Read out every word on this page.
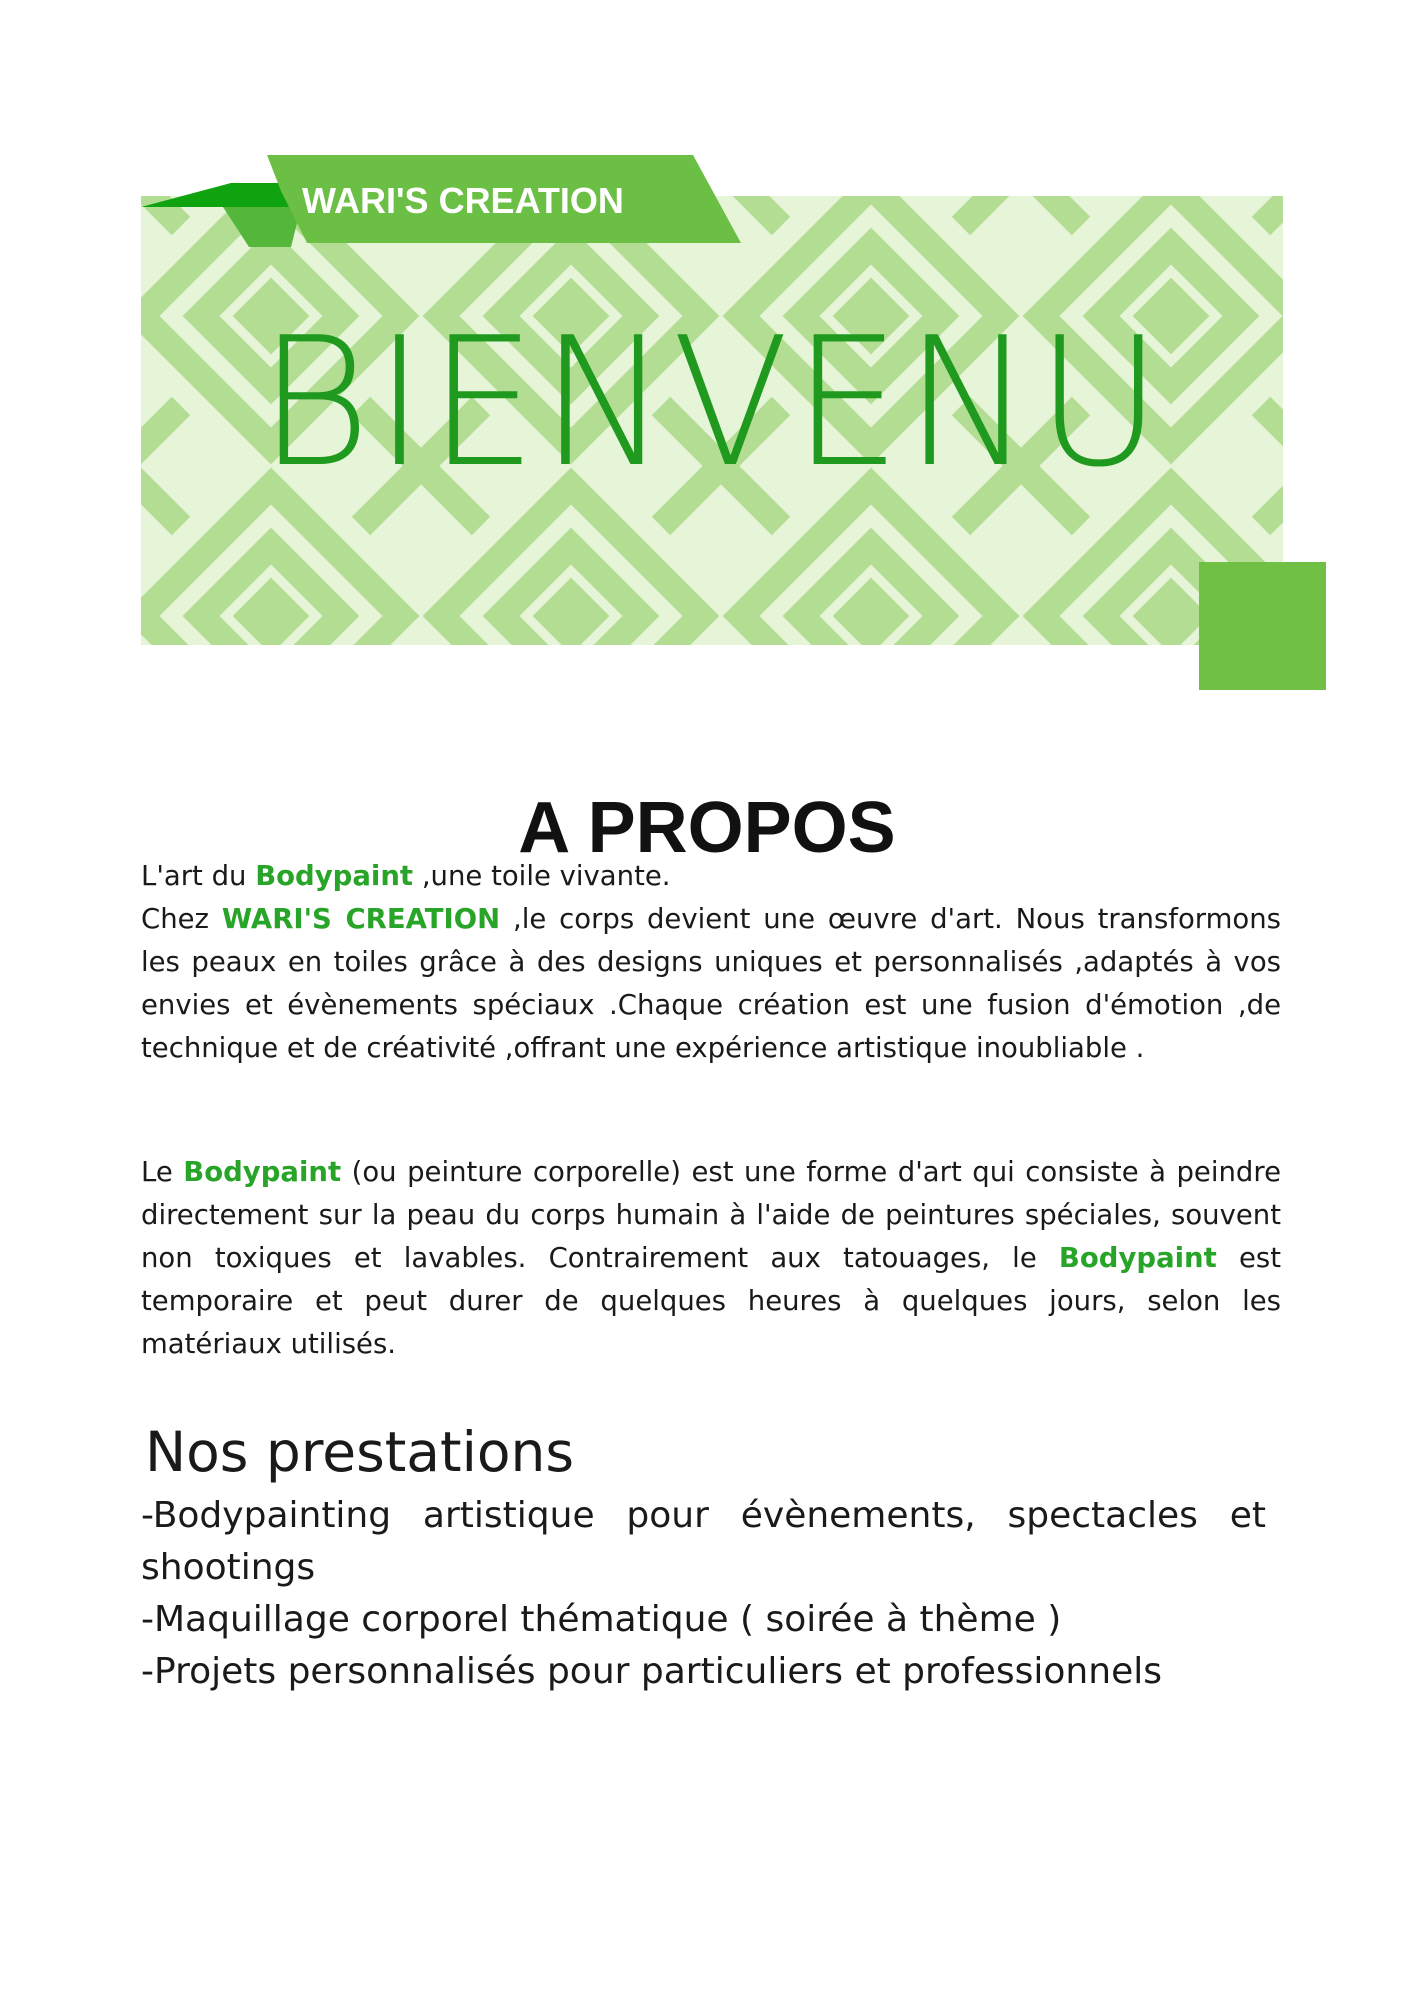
BIENVENU
WARI'S CREATION
A PROPOS

L'art du Bodypaint ,une toile vivante.
Chez WARI'S CREATION ,le corps devient une œuvre d'art. Nous transformons les peaux en toiles grâce à des designs uniques et personnalisés ,adaptés à vos envies et évènements spéciaux .Chaque création est une fusion d'émotion ,de technique et de créativité ,offrant une expérience artistique inoubliable .

Le Bodypaint (ou peinture corporelle) est une forme d'art qui consiste à peindre directement sur la peau du corps humain à l'aide de peintures spéciales, souvent non toxiques et lavables. Contrairement aux tatouages, le Bodypaint est temporaire et peut durer de quelques heures à quelques jours, selon les matériaux utilisés.

Nos prestations
-Bodypainting artistique pour évènements, spectacles et shootings
-Maquillage corporel thématique ( soirée à thème )
-Projets personnalisés pour particuliers et professionnels
